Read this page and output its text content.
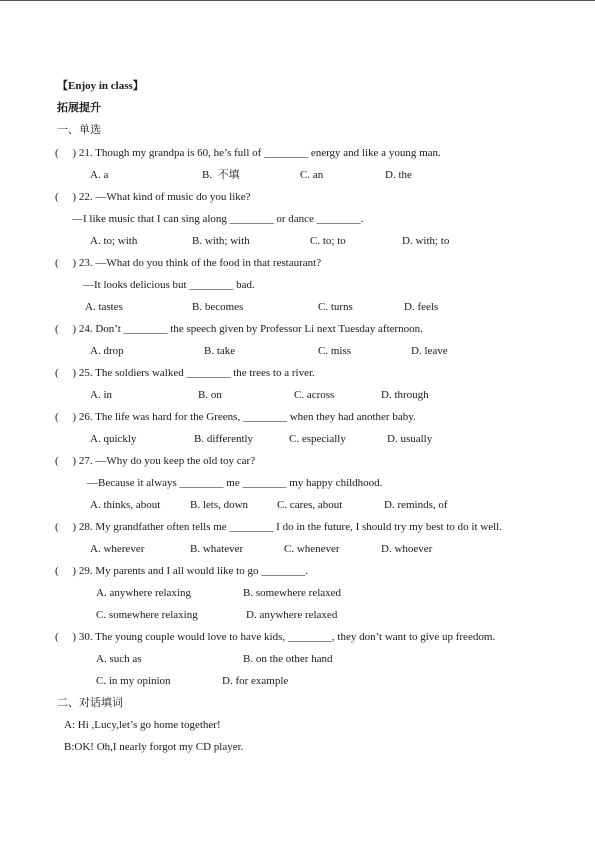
【Enjoy in class】
拓展提升
一、单选
(     ) 21. Though my grandpa is 60, he’s full of ________ energy and like a young man.
A. a	B.  不填	C. an	D. the
(     ) 22. —What kind of music do you like?
—I like music that I can sing along ________ or dance ________.
A. to; with	B. with; with	C. to; to	D. with; to
(     ) 23. —What do you think of the food in that restaurant?
—It looks delicious but ________ bad.
A. tastes	B. becomes	C. turns	D. feels
(     ) 24. Don’t ________ the speech given by Professor Li next Tuesday afternoon.
A. drop	B. take	C. miss	D. leave
(     ) 25. The soldiers walked ________ the trees to a river.
A. in	B. on	C. across	D. through
(     ) 26. The life was hard for the Greens, ________ when they had another baby.
A. quickly	B. differently	C. especially	D. usually
(     ) 27. —Why do you keep the old toy car?
—Because it always ________ me ________ my happy childhood.
A. thinks, about	B. lets, down	C. cares, about	D. reminds, of
(     ) 28. My grandfather often tells me ________ I do in the future, I should try my best to do it well.
A. wherever	B. whatever	C. whenever	D. whoever
(     ) 29. My parents and I all would like to go ________.
A. anywhere relaxing	B. somewhere relaxed
C. somewhere relaxing	D. anywhere relaxed
(     ) 30. The young couple would love to have kids, ________, they don’t want to give up freedom.
A. such as	B. on the other hand
C. in my opinion	D. for example
二、对话填词
A: Hi ,Lucy,let’s go home together!
B:OK! Oh,I nearly forgot my CD player.
